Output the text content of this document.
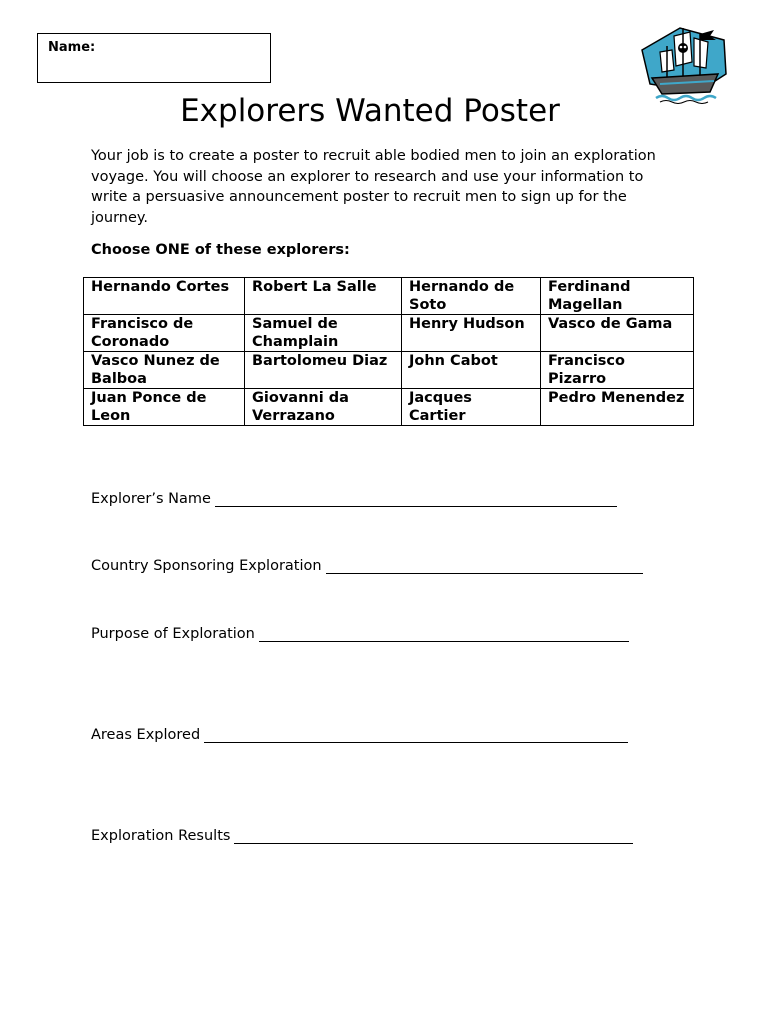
Name:
Explorers Wanted Poster
Your job is to create a poster to recruit able bodied men to join an exploration voyage. You will choose an explorer to research and use your information to write a persuasive announcement poster to recruit men to sign up for the journey.
Choose ONE of these explorers:
Hernando Cortes	Robert La Salle	Hernando de Soto	Ferdinand Magellan
Francisco de Coronado	Samuel de Champlain	Henry Hudson	Vasco de Gama
Vasco Nunez de Balboa	Bartolomeu Diaz	John Cabot	Francisco Pizarro
Juan Ponce de Leon	Giovanni da Verrazano	Jacques Cartier	Pedro Menendez
Explorer’s Name
Country Sponsoring Exploration
Purpose of Exploration
Areas Explored
Exploration Results
